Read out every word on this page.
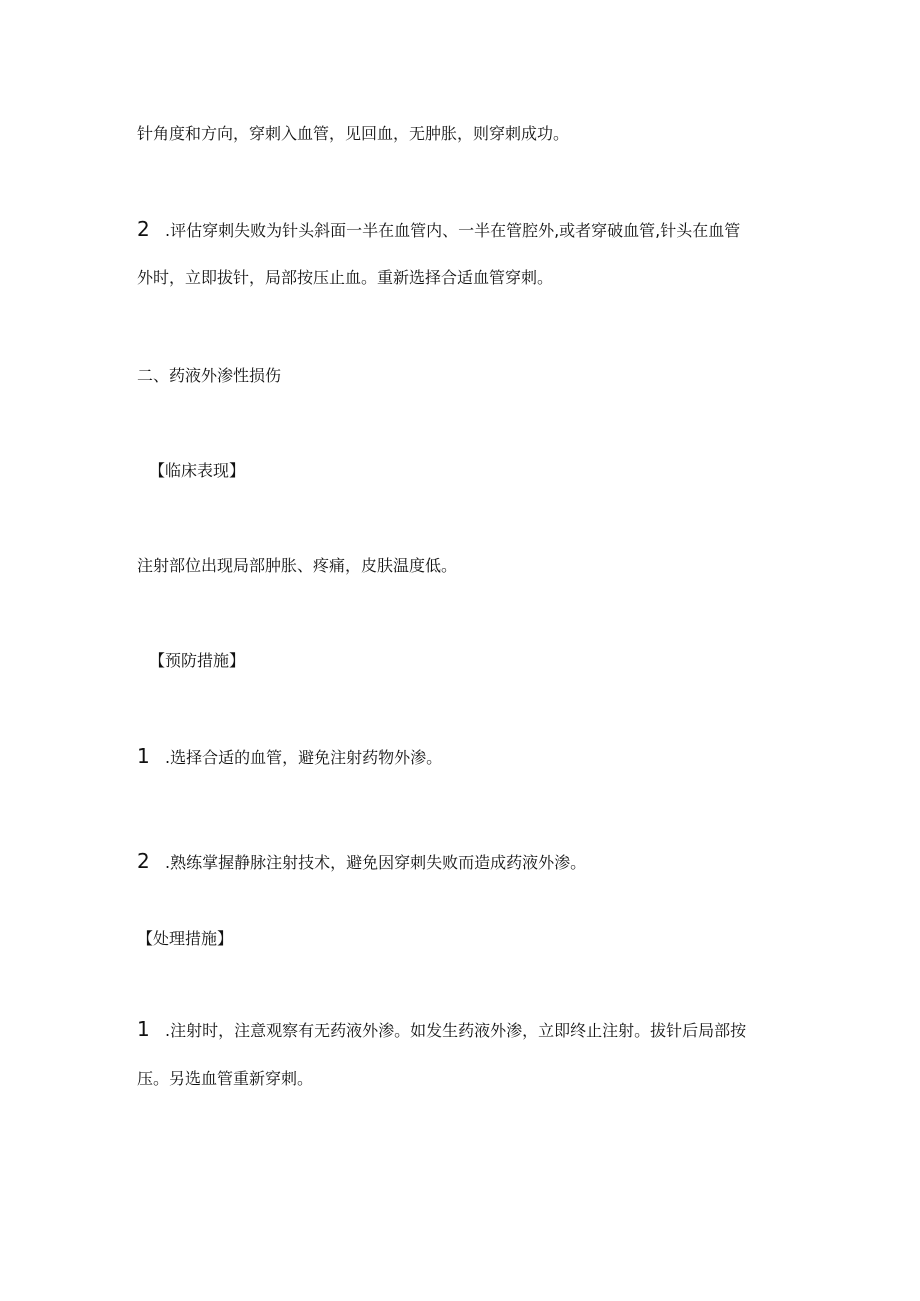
针角度和方向，穿刺入血管，见回血，无肿胀，则穿刺成功。
2 .评估穿刺失败为针头斜面一半在血管内、一半在管腔外,或者穿破血管,针头在血管
外时，立即拔针，局部按压止血。重新选择合适血管穿刺。
二、药液外渗性损伤
【临床表现】
注射部位出现局部肿胀、疼痛，皮肤温度低。
【预防措施】
1 .选择合适的血管，避免注射药物外渗。
2 .熟练掌握静脉注射技术，避免因穿刺失败而造成药液外渗。
【处理措施】
1 .注射时，注意观察有无药液外渗。如发生药液外渗，立即终止注射。拔针后局部按
压。另选血管重新穿刺。
